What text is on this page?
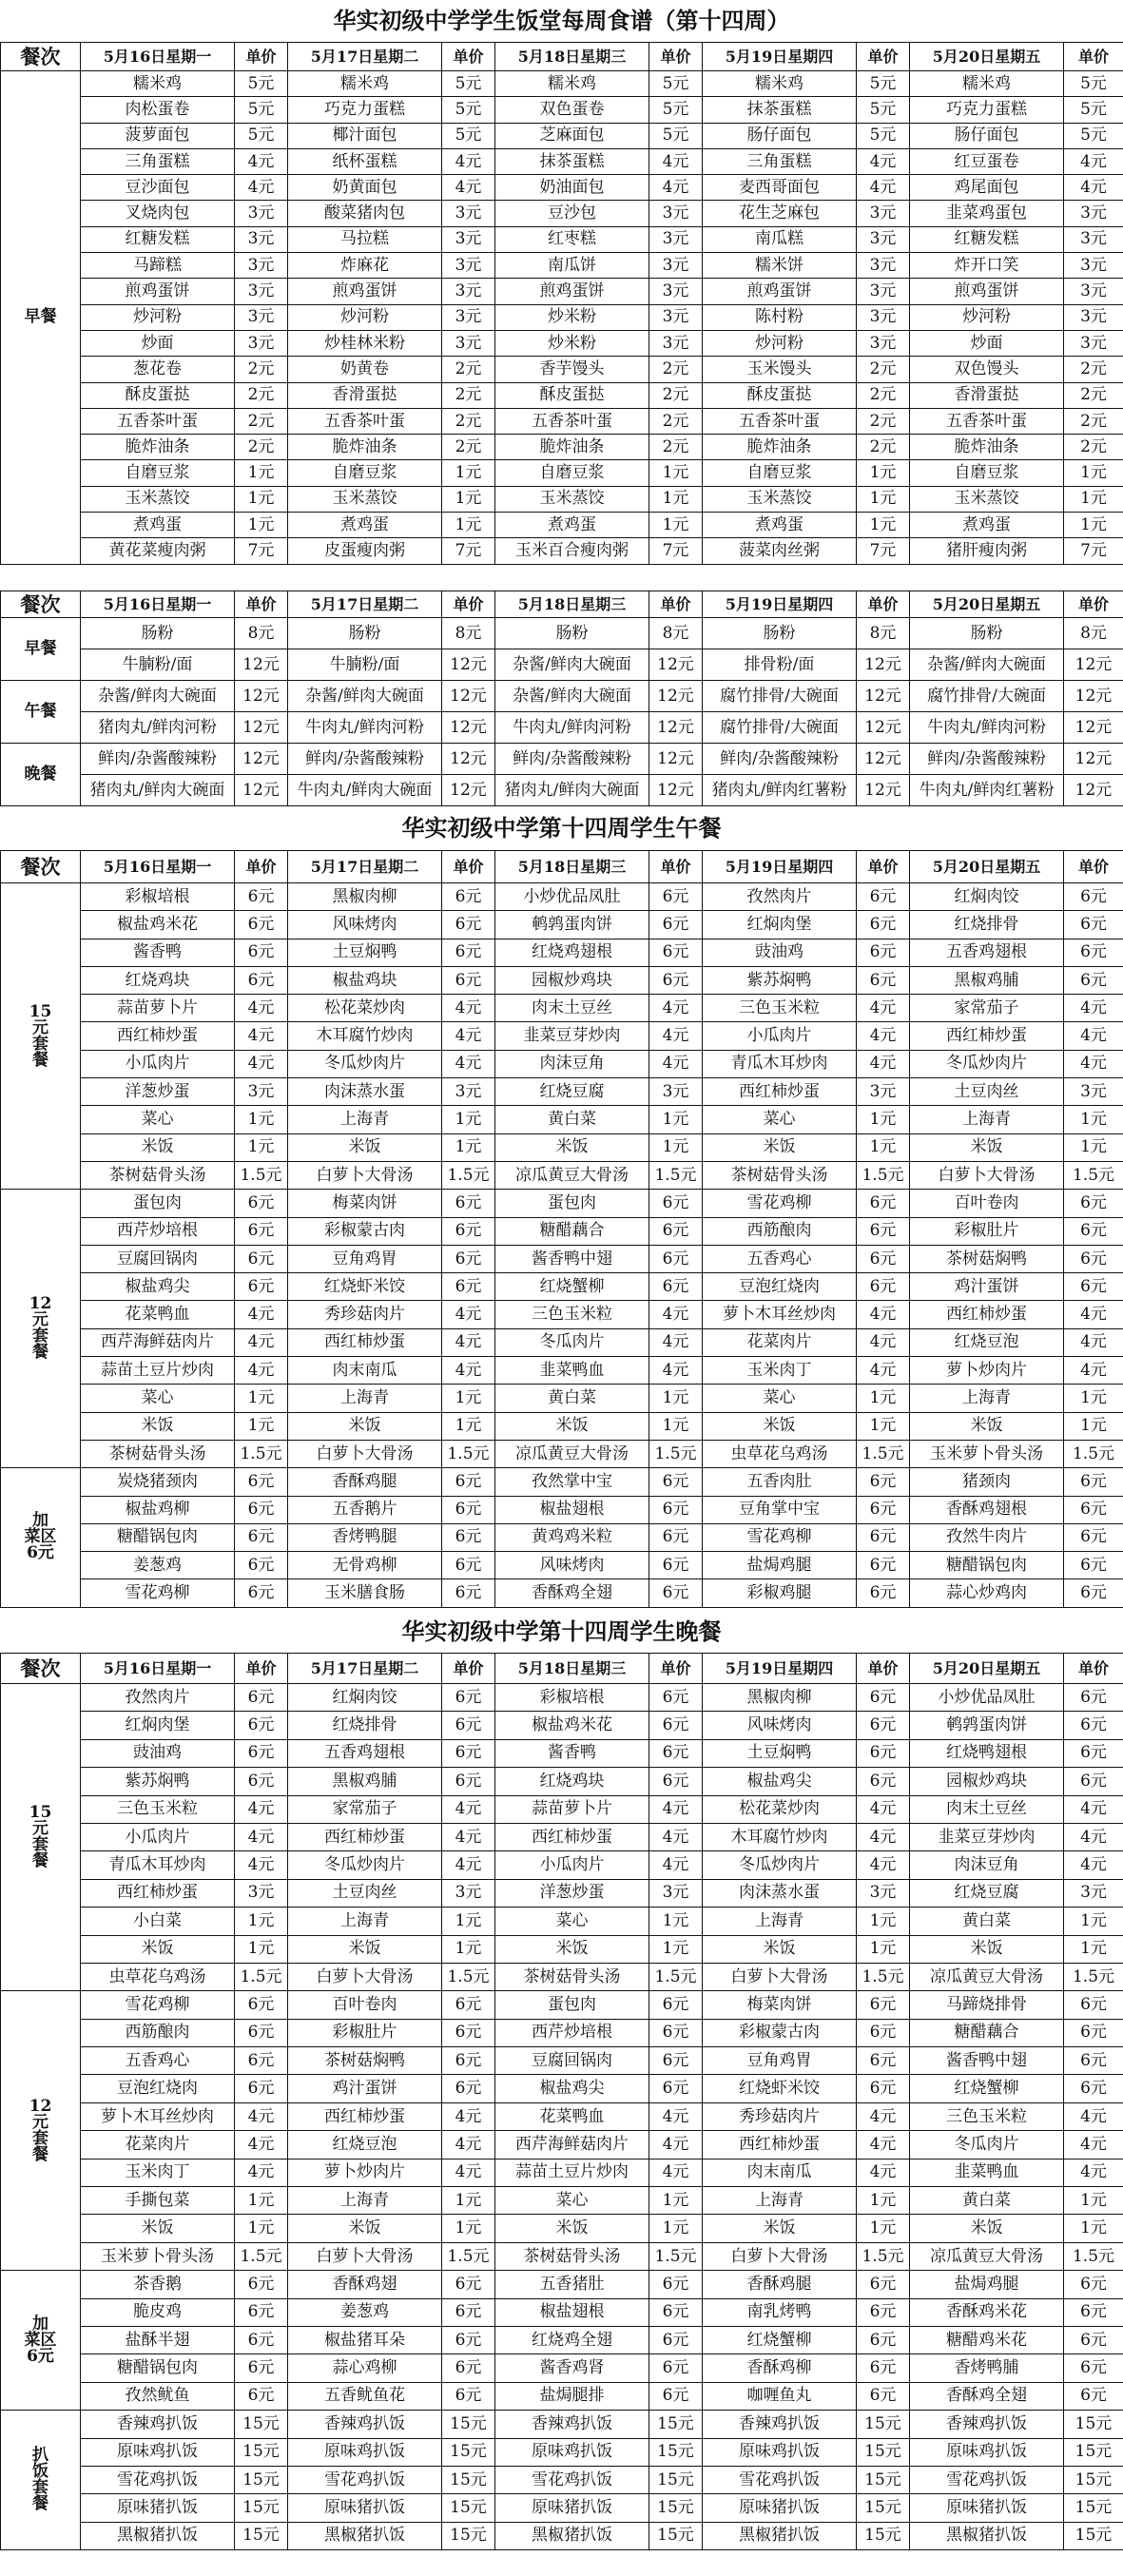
华实初级中学学生饭堂每周食谱（第十四周）
餐次	5月16日星期一	单价	5月17日星期二	单价	5月18日星期三	单价	5月19日星期四	单价	5月20日星期五	单价
早餐	糯米鸡	5元	糯米鸡	5元	糯米鸡	5元	糯米鸡	5元	糯米鸡	5元
	肉松蛋卷	5元	巧克力蛋糕	5元	双色蛋卷	5元	抹茶蛋糕	5元	巧克力蛋糕	5元
	菠萝面包	5元	椰汁面包	5元	芝麻面包	5元	肠仔面包	5元	肠仔面包	5元
	三角蛋糕	4元	纸杯蛋糕	4元	抹茶蛋糕	4元	三角蛋糕	4元	红豆蛋卷	4元
	豆沙面包	4元	奶黄面包	4元	奶油面包	4元	麦西哥面包	4元	鸡尾面包	4元
	叉烧肉包	3元	酸菜猪肉包	3元	豆沙包	3元	花生芝麻包	3元	韭菜鸡蛋包	3元
	红糖发糕	3元	马拉糕	3元	红枣糕	3元	南瓜糕	3元	红糖发糕	3元
	马蹄糕	3元	炸麻花	3元	南瓜饼	3元	糯米饼	3元	炸开口笑	3元
	煎鸡蛋饼	3元	煎鸡蛋饼	3元	煎鸡蛋饼	3元	煎鸡蛋饼	3元	煎鸡蛋饼	3元
	炒河粉	3元	炒河粉	3元	炒米粉	3元	陈村粉	3元	炒河粉	3元
	炒面	3元	炒桂林米粉	3元	炒米粉	3元	炒河粉	3元	炒面	3元
	葱花卷	2元	奶黄卷	2元	香芋馒头	2元	玉米馒头	2元	双色馒头	2元
	酥皮蛋挞	2元	香滑蛋挞	2元	酥皮蛋挞	2元	酥皮蛋挞	2元	香滑蛋挞	2元
	五香茶叶蛋	2元	五香茶叶蛋	2元	五香茶叶蛋	2元	五香茶叶蛋	2元	五香茶叶蛋	2元
	脆炸油条	2元	脆炸油条	2元	脆炸油条	2元	脆炸油条	2元	脆炸油条	2元
	自磨豆浆	1元	自磨豆浆	1元	自磨豆浆	1元	自磨豆浆	1元	自磨豆浆	1元
	玉米蒸饺	1元	玉米蒸饺	1元	玉米蒸饺	1元	玉米蒸饺	1元	玉米蒸饺	1元
	煮鸡蛋	1元	煮鸡蛋	1元	煮鸡蛋	1元	煮鸡蛋	1元	煮鸡蛋	1元
	黄花菜瘦肉粥	7元	皮蛋瘦肉粥	7元	玉米百合瘦肉粥	7元	菠菜肉丝粥	7元	猪肝瘦肉粥	7元
餐次	5月16日星期一	单价	5月17日星期二	单价	5月18日星期三	单价	5月19日星期四	单价	5月20日星期五	单价
早餐	肠粉	8元	肠粉	8元	肠粉	8元	肠粉	8元	肠粉	8元
	牛腩粉/面	12元	牛腩粉/面	12元	杂酱/鲜肉大碗面	12元	排骨粉/面	12元	杂酱/鲜肉大碗面	12元
午餐	杂酱/鲜肉大碗面	12元	杂酱/鲜肉大碗面	12元	杂酱/鲜肉大碗面	12元	腐竹排骨/大碗面	12元	腐竹排骨/大碗面	12元
	猪肉丸/鲜肉河粉	12元	牛肉丸/鲜肉河粉	12元	牛肉丸/鲜肉河粉	12元	腐竹排骨/大碗面	12元	牛肉丸/鲜肉河粉	12元
晚餐	鲜肉/杂酱酸辣粉	12元	鲜肉/杂酱酸辣粉	12元	鲜肉/杂酱酸辣粉	12元	鲜肉/杂酱酸辣粉	12元	鲜肉/杂酱酸辣粉	12元
	猪肉丸/鲜肉大碗面	12元	牛肉丸/鲜肉大碗面	12元	猪肉丸/鲜肉大碗面	12元	猪肉丸/鲜肉红薯粉	12元	牛肉丸/鲜肉红薯粉	12元
华实初级中学第十四周学生午餐
餐次	5月16日星期一	单价	5月17日星期二	单价	5月18日星期三	单价	5月19日星期四	单价	5月20日星期五	单价
15
元
套
餐	彩椒培根	6元	黑椒肉柳	6元	小炒优品凤肚	6元	孜然肉片	6元	红焖肉饺	6元
	椒盐鸡米花	6元	风味烤肉	6元	鹌鹑蛋肉饼	6元	红焖肉堡	6元	红烧排骨	6元
	酱香鸭	6元	土豆焖鸭	6元	红烧鸡翅根	6元	豉油鸡	6元	五香鸡翅根	6元
	红烧鸡块	6元	椒盐鸡块	6元	园椒炒鸡块	6元	紫苏焖鸭	6元	黑椒鸡脯	6元
	蒜苗萝卜片	4元	松花菜炒肉	4元	肉末土豆丝	4元	三色玉米粒	4元	家常茄子	4元
	西红柿炒蛋	4元	木耳腐竹炒肉	4元	韭菜豆芽炒肉	4元	小瓜肉片	4元	西红柿炒蛋	4元
	小瓜肉片	4元	冬瓜炒肉片	4元	肉沫豆角	4元	青瓜木耳炒肉	4元	冬瓜炒肉片	4元
	洋葱炒蛋	3元	肉沫蒸水蛋	3元	红烧豆腐	3元	西红柿炒蛋	3元	土豆肉丝	3元
	菜心	1元	上海青	1元	黄白菜	1元	菜心	1元	上海青	1元
	米饭	1元	米饭	1元	米饭	1元	米饭	1元	米饭	1元
	茶树菇骨头汤	1.5元	白萝卜大骨汤	1.5元	凉瓜黄豆大骨汤	1.5元	茶树菇骨头汤	1.5元	白萝卜大骨汤	1.5元
12
元
套
餐	蛋包肉	6元	梅菜肉饼	6元	蛋包肉	6元	雪花鸡柳	6元	百叶卷肉	6元
	西芹炒培根	6元	彩椒蒙古肉	6元	糖醋藕合	6元	西筋酿肉	6元	彩椒肚片	6元
	豆腐回锅肉	6元	豆角鸡胃	6元	酱香鸭中翅	6元	五香鸡心	6元	茶树菇焖鸭	6元
	椒盐鸡尖	6元	红烧虾米饺	6元	红烧蟹柳	6元	豆泡红烧肉	6元	鸡汁蛋饼	6元
	花菜鸭血	4元	秀珍菇肉片	4元	三色玉米粒	4元	萝卜木耳丝炒肉	4元	西红柿炒蛋	4元
	西芹海鲜菇肉片	4元	西红柿炒蛋	4元	冬瓜肉片	4元	花菜肉片	4元	红烧豆泡	4元
	蒜苗土豆片炒肉	4元	肉末南瓜	4元	韭菜鸭血	4元	玉米肉丁	4元	萝卜炒肉片	4元
	菜心	1元	上海青	1元	黄白菜	1元	菜心	1元	上海青	1元
	米饭	1元	米饭	1元	米饭	1元	米饭	1元	米饭	1元
	茶树菇骨头汤	1.5元	白萝卜大骨汤	1.5元	凉瓜黄豆大骨汤	1.5元	虫草花乌鸡汤	1.5元	玉米萝卜骨头汤	1.5元
加
菜区
6元	炭烧猪颈肉	6元	香酥鸡腿	6元	孜然掌中宝	6元	五香肉肚	6元	猪颈肉	6元
	椒盐鸡柳	6元	五香鹅片	6元	椒盐翅根	6元	豆角掌中宝	6元	香酥鸡翅根	6元
	糖醋锅包肉	6元	香烤鸭腿	6元	黄鸡鸡米粒	6元	雪花鸡柳	6元	孜然牛肉片	6元
	姜葱鸡	6元	无骨鸡柳	6元	风味烤肉	6元	盐焗鸡腿	6元	糖醋锅包肉	6元
	雪花鸡柳	6元	玉米膳食肠	6元	香酥鸡全翅	6元	彩椒鸡腿	6元	蒜心炒鸡肉	6元
华实初级中学第十四周学生晚餐
餐次	5月16日星期一	单价	5月17日星期二	单价	5月18日星期三	单价	5月19日星期四	单价	5月20日星期五	单价
15
元
套
餐	孜然肉片	6元	红焖肉饺	6元	彩椒培根	6元	黑椒肉柳	6元	小炒优品凤肚	6元
	红焖肉堡	6元	红烧排骨	6元	椒盐鸡米花	6元	风味烤肉	6元	鹌鹑蛋肉饼	6元
	豉油鸡	6元	五香鸡翅根	6元	酱香鸭	6元	土豆焖鸭	6元	红烧鸭翅根	6元
	紫苏焖鸭	6元	黑椒鸡脯	6元	红烧鸡块	6元	椒盐鸡尖	6元	园椒炒鸡块	6元
	三色玉米粒	4元	家常茄子	4元	蒜苗萝卜片	4元	松花菜炒肉	4元	肉末土豆丝	4元
	小瓜肉片	4元	西红柿炒蛋	4元	西红柿炒蛋	4元	木耳腐竹炒肉	4元	韭菜豆芽炒肉	4元
	青瓜木耳炒肉	4元	冬瓜炒肉片	4元	小瓜肉片	4元	冬瓜炒肉片	4元	肉沫豆角	4元
	西红柿炒蛋	3元	土豆肉丝	3元	洋葱炒蛋	3元	肉沫蒸水蛋	3元	红烧豆腐	3元
	小白菜	1元	上海青	1元	菜心	1元	上海青	1元	黄白菜	1元
	米饭	1元	米饭	1元	米饭	1元	米饭	1元	米饭	1元
	虫草花乌鸡汤	1.5元	白萝卜大骨汤	1.5元	茶树菇骨头汤	1.5元	白萝卜大骨汤	1.5元	凉瓜黄豆大骨汤	1.5元
12
元
套
餐	雪花鸡柳	6元	百叶卷肉	6元	蛋包肉	6元	梅菜肉饼	6元	马蹄烧排骨	6元
	西筋酿肉	6元	彩椒肚片	6元	西芹炒培根	6元	彩椒蒙古肉	6元	糖醋藕合	6元
	五香鸡心	6元	茶树菇焖鸭	6元	豆腐回锅肉	6元	豆角鸡胃	6元	酱香鸭中翅	6元
	豆泡红烧肉	6元	鸡汁蛋饼	6元	椒盐鸡尖	6元	红烧虾米饺	6元	红烧蟹柳	6元
	萝卜木耳丝炒肉	4元	西红柿炒蛋	4元	花菜鸭血	4元	秀珍菇肉片	4元	三色玉米粒	4元
	花菜肉片	4元	红烧豆泡	4元	西芹海鲜菇肉片	4元	西红柿炒蛋	4元	冬瓜肉片	4元
	玉米肉丁	4元	萝卜炒肉片	4元	蒜苗土豆片炒肉	4元	肉末南瓜	4元	韭菜鸭血	4元
	手撕包菜	1元	上海青	1元	菜心	1元	上海青	1元	黄白菜	1元
	米饭	1元	米饭	1元	米饭	1元	米饭	1元	米饭	1元
	玉米萝卜骨头汤	1.5元	白萝卜大骨汤	1.5元	茶树菇骨头汤	1.5元	白萝卜大骨汤	1.5元	凉瓜黄豆大骨汤	1.5元
加
菜区
6元	茶香鹅	6元	香酥鸡翅	6元	五香猪肚	6元	香酥鸡腿	6元	盐焗鸡腿	6元
	脆皮鸡	6元	姜葱鸡	6元	椒盐翅根	6元	南乳烤鸭	6元	香酥鸡米花	6元
	盐酥半翅	6元	椒盐猪耳朵	6元	红烧鸡全翅	6元	红烧蟹柳	6元	糖醋鸡米花	6元
	糖醋锅包肉	6元	蒜心鸡柳	6元	酱香鸡肾	6元	香酥鸡柳	6元	香烤鸭脯	6元
	孜然鱿鱼	6元	五香鱿鱼花	6元	盐焗腿排	6元	咖喱鱼丸	6元	香酥鸡全翅	6元
扒
饭
套
餐	香辣鸡扒饭	15元	香辣鸡扒饭	15元	香辣鸡扒饭	15元	香辣鸡扒饭	15元	香辣鸡扒饭	15元
	原味鸡扒饭	15元	原味鸡扒饭	15元	原味鸡扒饭	15元	原味鸡扒饭	15元	原味鸡扒饭	15元
	雪花鸡扒饭	15元	雪花鸡扒饭	15元	雪花鸡扒饭	15元	雪花鸡扒饭	15元	雪花鸡扒饭	15元
	原味猪扒饭	15元	原味猪扒饭	15元	原味猪扒饭	15元	原味猪扒饭	15元	原味猪扒饭	15元
	黑椒猪扒饭	15元	黑椒猪扒饭	15元	黑椒猪扒饭	15元	黑椒猪扒饭	15元	黑椒猪扒饭	15元
